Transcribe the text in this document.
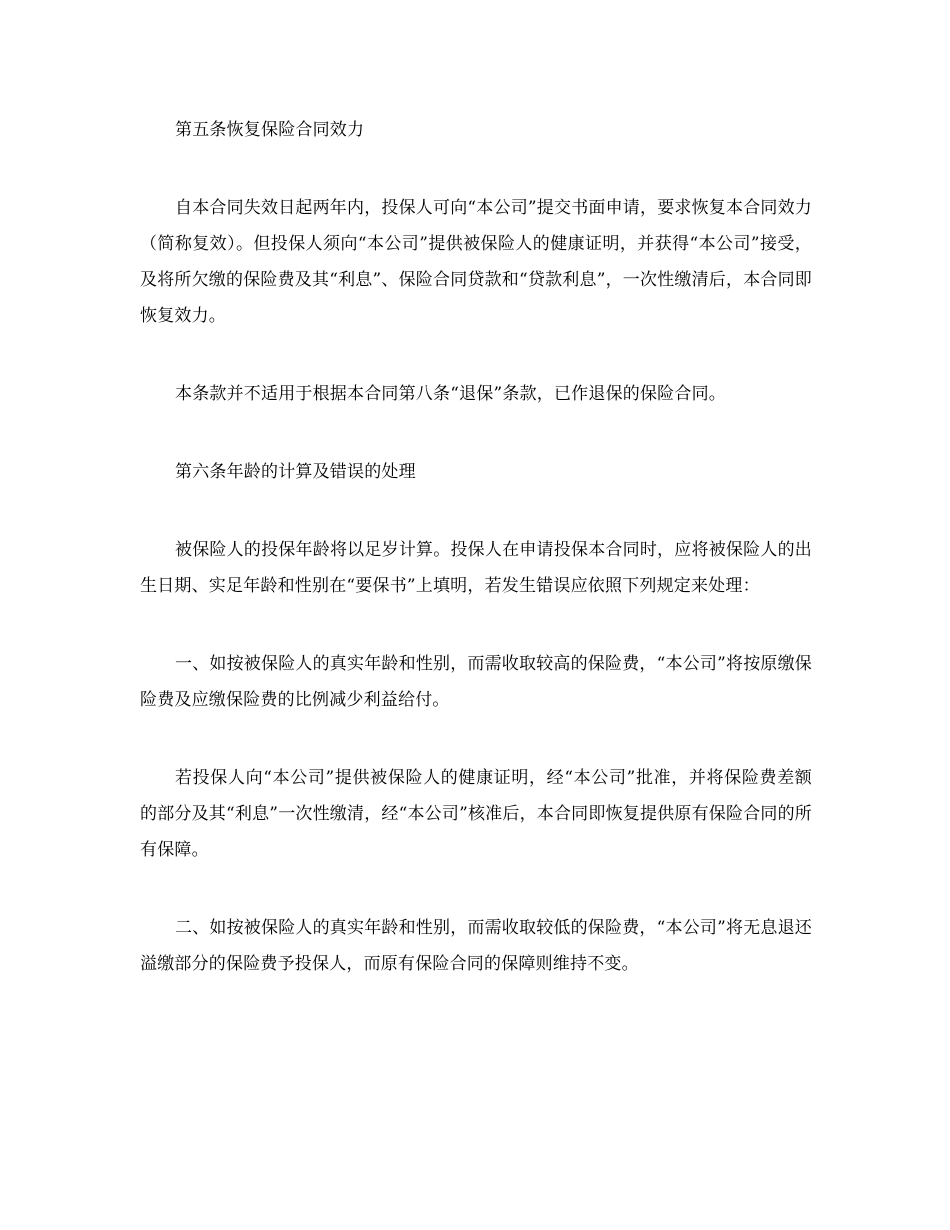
第五条恢复保险合同效力

自本合同失效日起两年内，投保人可向“本公司”提交书面申请，要求恢复本合同效力（简称复效）。但投保人须向“本公司”提供被保险人的健康证明，并获得“本公司”接受，及将所欠缴的保险费及其“利息”、保险合同贷款和“贷款利息”，一次性缴清后，本合同即恢复效力。

本条款并不适用于根据本合同第八条“退保”条款，已作退保的保险合同。

第六条年龄的计算及错误的处理

被保险人的投保年龄将以足岁计算。投保人在申请投保本合同时，应将被保险人的出生日期、实足年龄和性别在“要保书”上填明，若发生错误应依照下列规定来处理：

一、如按被保险人的真实年龄和性别，而需收取较高的保险费，“本公司”将按原缴保险费及应缴保险费的比例减少利益给付。

若投保人向“本公司”提供被保险人的健康证明，经“本公司”批准，并将保险费差额的部分及其“利息”一次性缴清，经“本公司”核准后，本合同即恢复提供原有保险合同的所有保障。

二、如按被保险人的真实年龄和性别，而需收取较低的保险费，“本公司”将无息退还溢缴部分的保险费予投保人，而原有保险合同的保障则维持不变。
